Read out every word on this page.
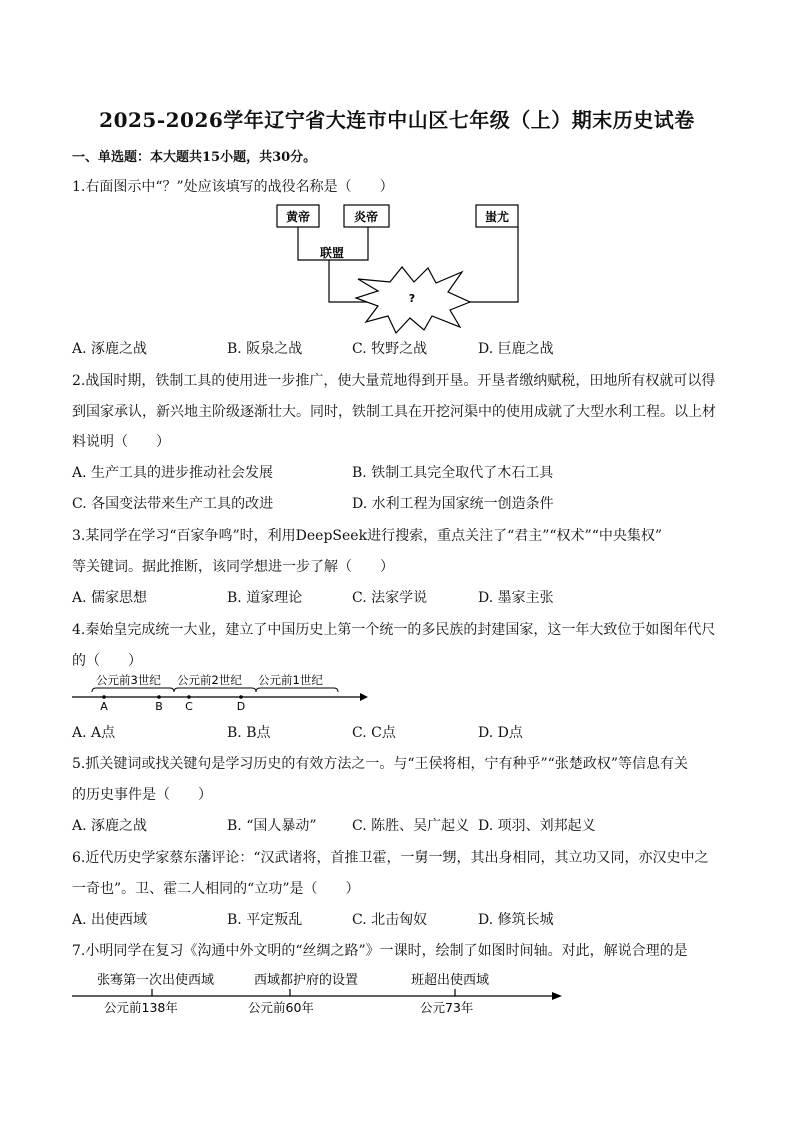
2025-2026学年辽宁省大连市中山区七年级（上）期末历史试卷
一、单选题：本大题共15小题，共30分。
1.右面图示中“？”处应该填写的战役名称是（　　）
黄帝	炎帝	蚩尤
联盟
?
A. 涿鹿之战	B. 阪泉之战	C. 牧野之战	D. 巨鹿之战
2.战国时期，铁制工具的使用进一步推广，使大量荒地得到开垦。开垦者缴纳赋税，田地所有权就可以得
到国家承认，新兴地主阶级逐渐壮大。同时，铁制工具在开挖河渠中的使用成就了大型水利工程。以上材
料说明（　　）
A. 生产工具的进步推动社会发展	B. 铁制工具完全取代了木石工具
C. 各国变法带来生产工具的改进	D. 水利工程为国家统一创造条件
3.某同学在学习“百家争鸣”时，利用DeepSeek进行搜索，重点关注了“君主”“权术”“中央集权”
等关键词。据此推断，该同学想进一步了解（　　）
A. 儒家思想	B. 道家理论	C. 法家学说	D. 墨家主张
4.秦始皇完成统一大业，建立了中国历史上第一个统一的多民族的封建国家，这一年大致位于如图年代尺
的（　　）
公元前3世纪 公元前2世纪 公元前1世纪
A	B C	D
A. A点	B. B点	C. C点	D. D点
5.抓关键词或找关键句是学习历史的有效方法之一。与“王侯将相，宁有种乎”“张楚政权”等信息有关
的历史事件是（　　）
A. 涿鹿之战	B. “国人暴动”	C. 陈胜、吴广起义 D. 项羽、刘邦起义
6.近代历史学家蔡东藩评论：“汉武诸将，首推卫霍，一舅一甥，其出身相同，其立功又同，亦汉史中之
一奇也”。卫、霍二人相同的“立功”是（　　）
A. 出使西域	B. 平定叛乱	C. 北击匈奴	D. 修筑长城
7.小明同学在复习《沟通中外文明的“丝绸之路”》一课时，绘制了如图时间轴。对此，解说合理的是
张骞第一次出使西域	西域都护府的设置	班超出使西域
公元前138年	公元前60年	公元73年
